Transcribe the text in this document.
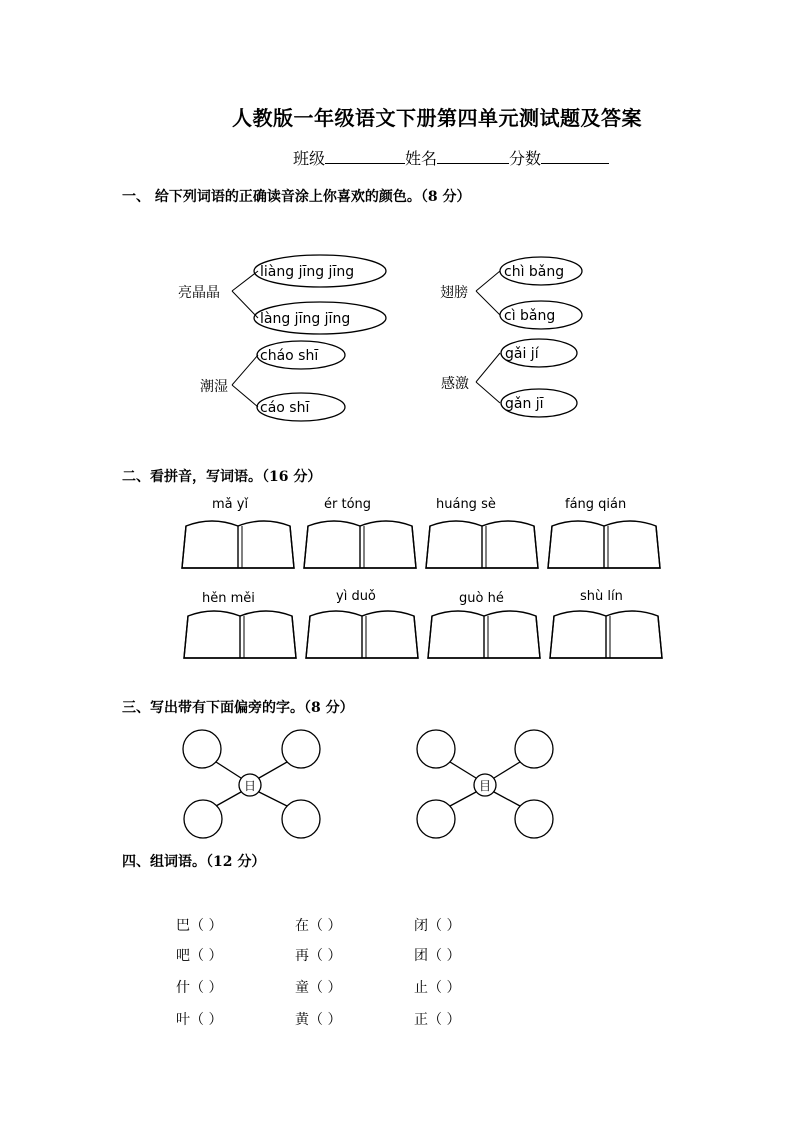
人教版一年级语文下册第四单元测试题及答案
班级	姓名	分数
一、 给下列词语的正确读音涂上你喜欢的颜色。（8 分）
亮晶晶
liàng jīng jīng
làng jīng jīng
翅膀
chì bǎng
cì bǎng
潮湿
cháo shī
cáo shī
感激
gǎi jí
gǎn jī
二、看拼音，写词语。（16 分）
mǎ yǐ	ér tóng	huáng sè	fáng qián
hěn měi	yì duǒ	guò hé	shù lín
三、写出带有下面偏旁的字。（8 分）
日	目
四、组词语。（12 分）
巴（ ）	在（ ）	闭（ ）
吧（ ）	再（ ）	团（ ）
什（ ）	童（ ）	止（ ）
叶（ ）	黄（ ）	正（ ）
